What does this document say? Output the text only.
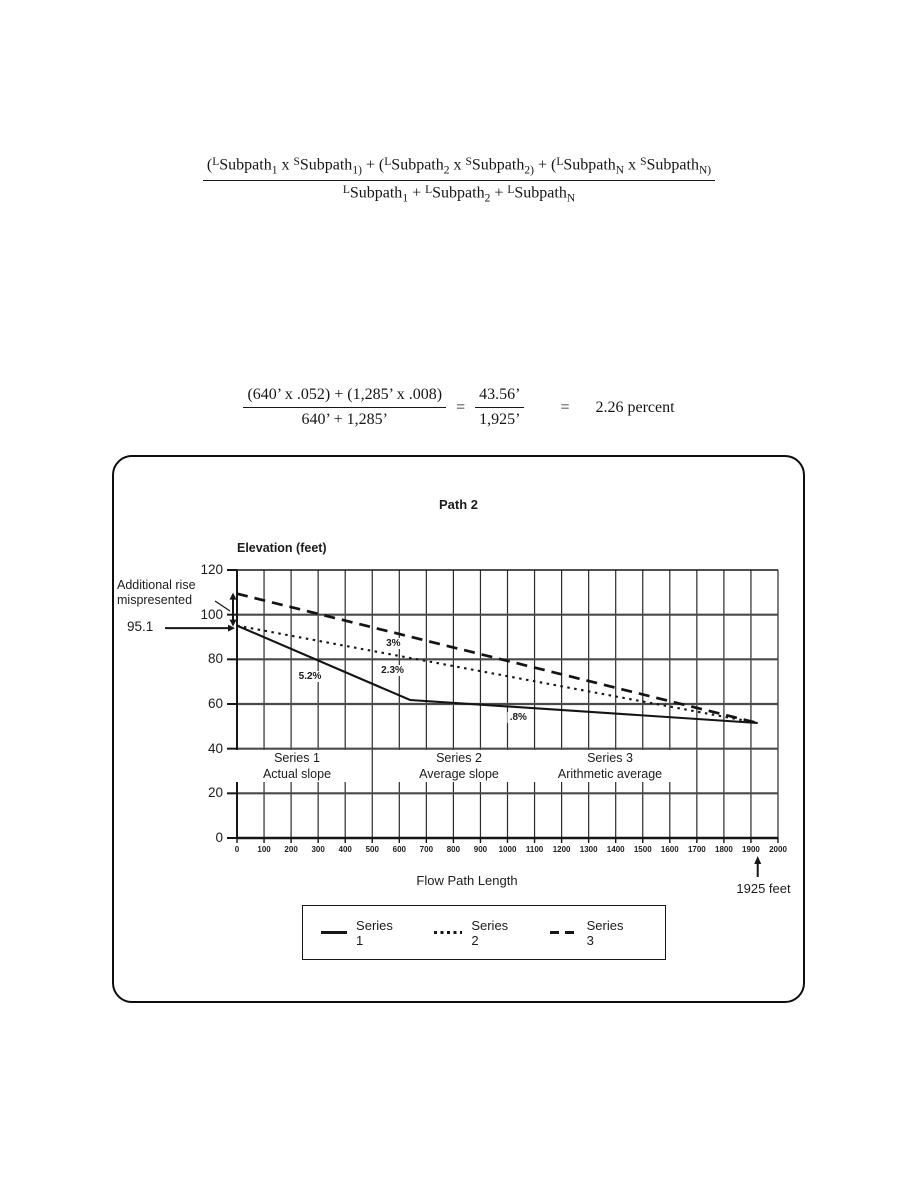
($^L$Subpath$_1$ x $^S$Subpath$_{1)}$ + ($^L$Subpath$_2$ x $^S$Subpath$_{2)}$ + ($^L$Subpath$_N$ x $^S$Subpath$_{N)}$
$^L$Subpath$_1$ + $^L$Subpath$_2$ + $^L$Subpath$_N$
$\frac{(640’ x .052) + (1,285’ x .008)}{640’ + 1,285’} = \frac{43.56’}{1,925’} = 2.26$ percent
Path 2
Elevation (feet)
Additional rise
mispresented
95.1
Series 1
Actual slope
Series 2
Average slope
Series 3
Arithmetic average
Flow Path Length
1925 feet
Series 1
Series 2
Series 3
0 100 200 300 400 500 600 700 800 900 1000 1100 1200 1300 1400 1500 1600 1700 1800 1900 2000
0
20
40
60
80
100
120
5.2%
2.3%
3%
.8%
